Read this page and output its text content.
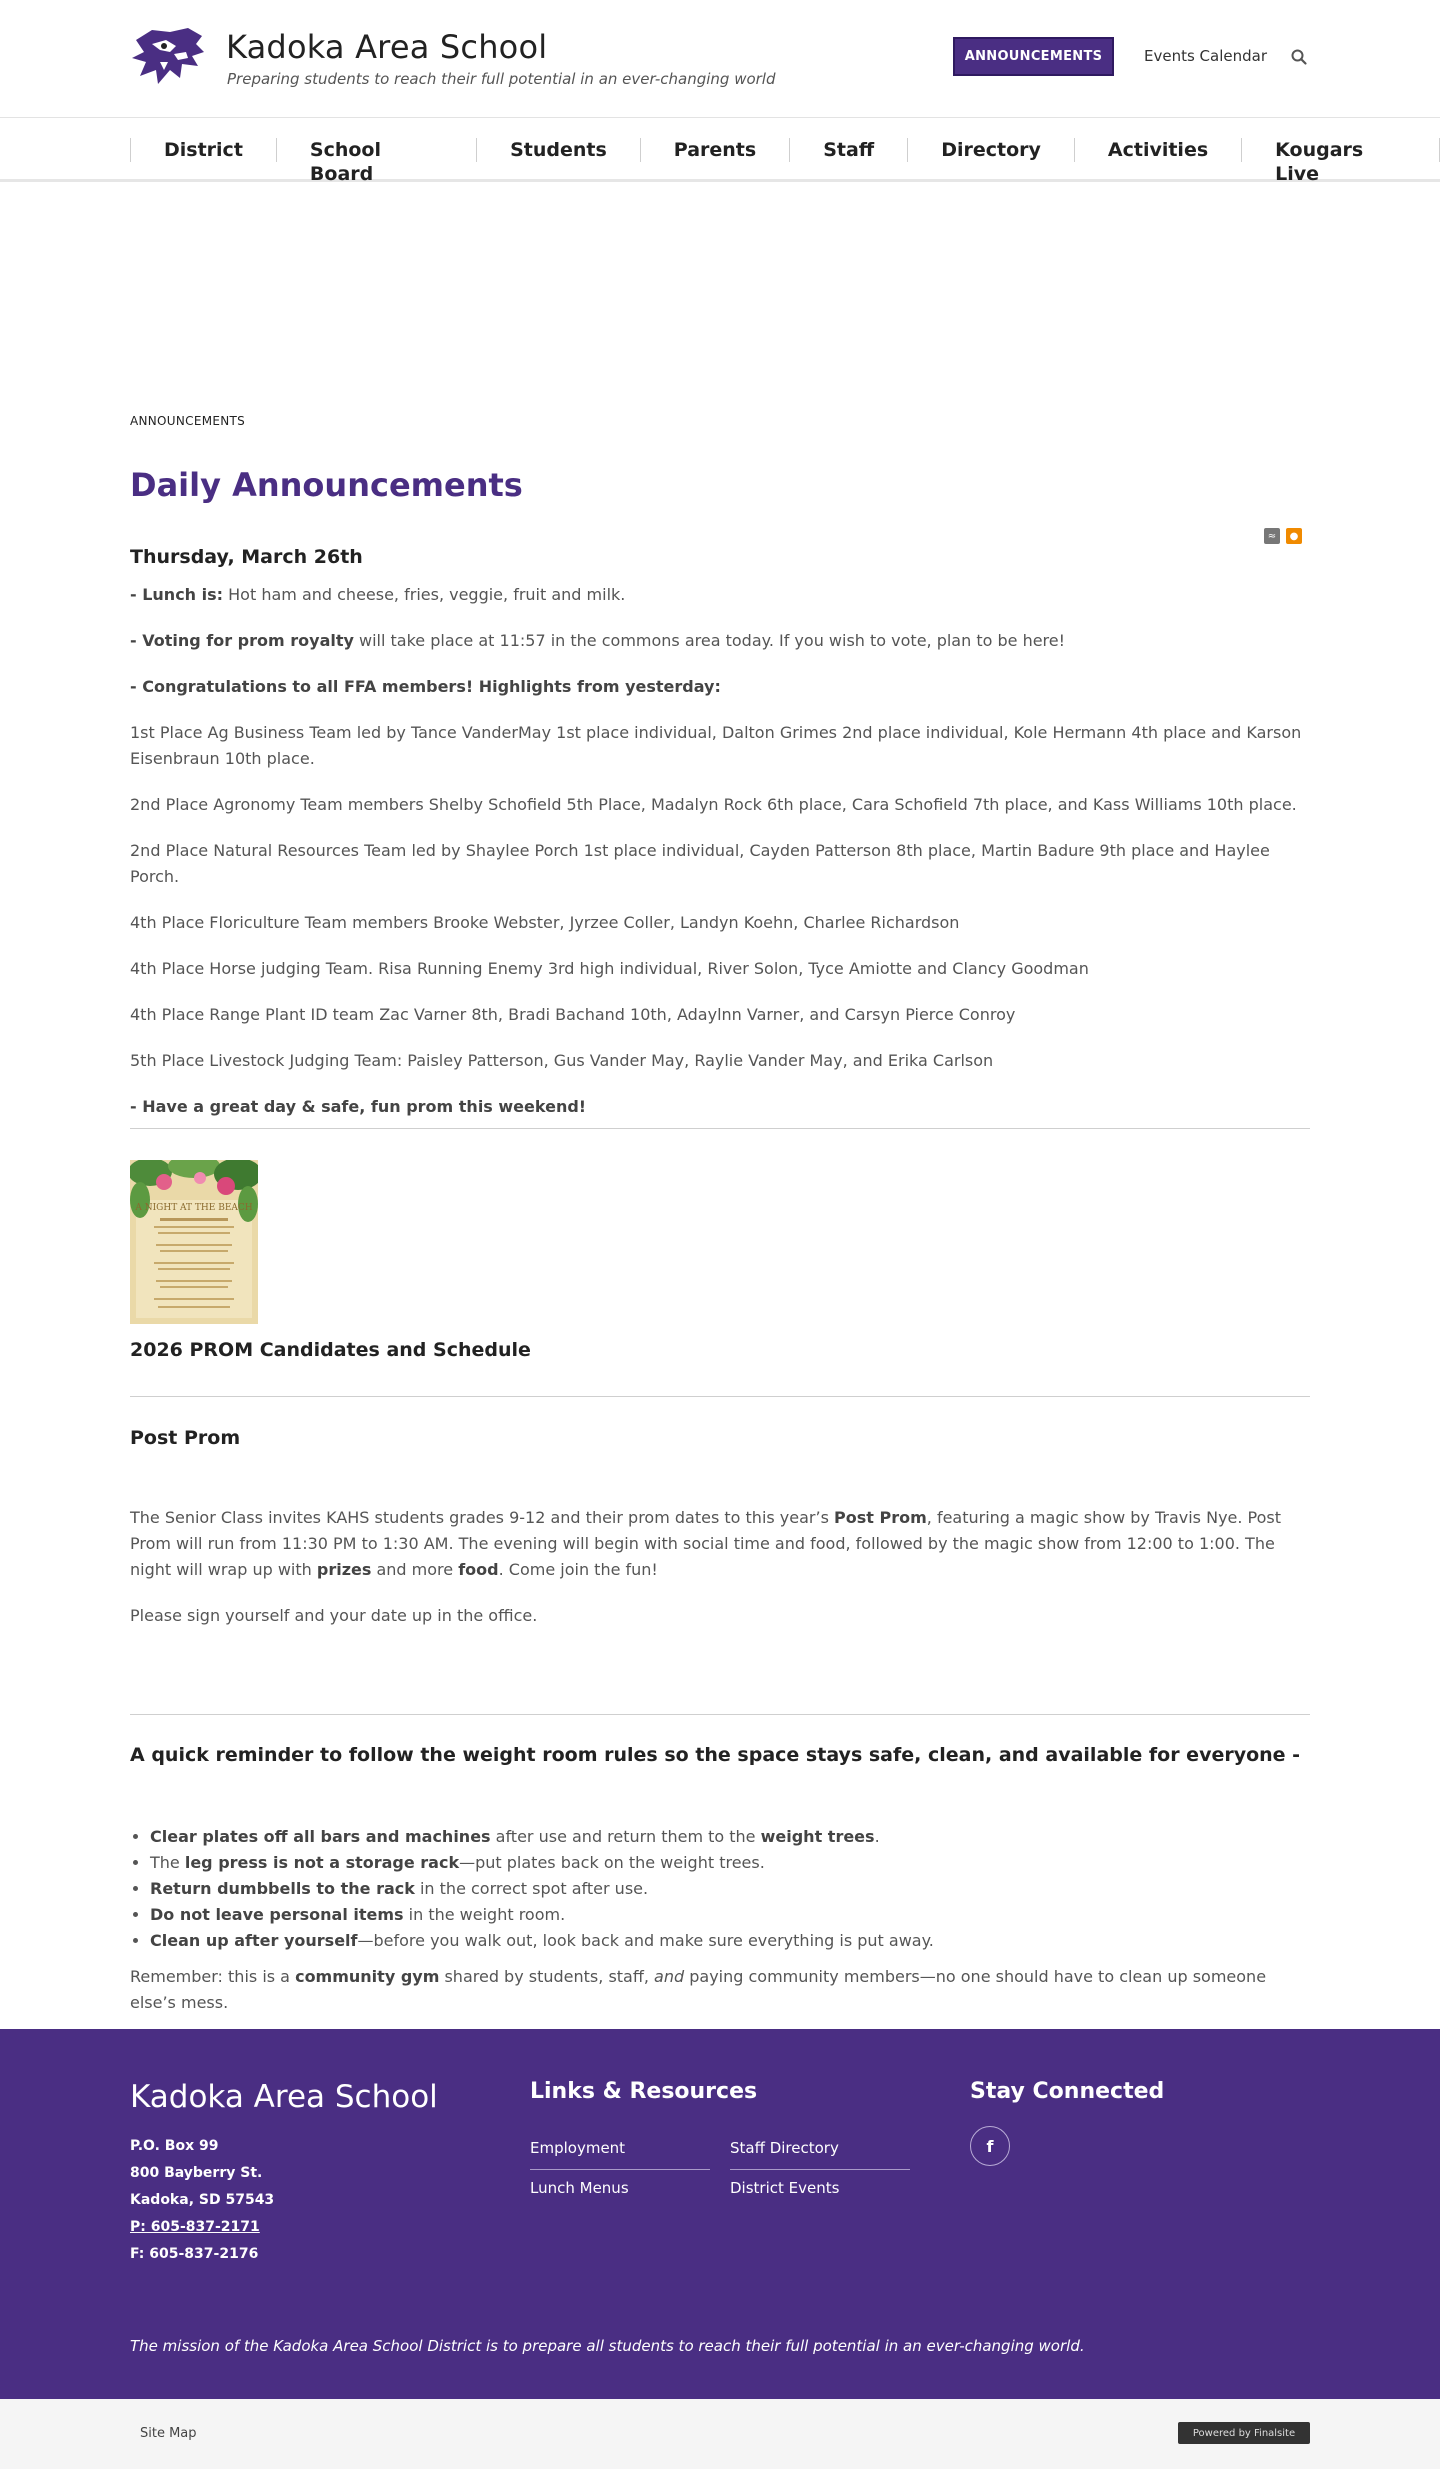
Kadoka Area School
Preparing students to reach their full potential in an ever-changing world
ANNOUNCEMENTS	Events Calendar
District	School Board
Students	Parents	Staff	Directory	Activities	Kougars Live
ANNOUNCEMENTS
Daily Announcements
≈	●
Thursday, March 26th

- Lunch is: Hot ham and cheese, fries, veggie, fruit and milk.

- Voting for prom royalty will take place at 11:57 in the commons area today. If you wish to vote, plan to be here!

- Congratulations to all FFA members! Highlights from yesterday:

1st Place Ag Business Team led by Tance VanderMay 1st place individual, Dalton Grimes 2nd place individual, Kole Hermann 4th place and Karson Eisenbraun 10th place.

2nd Place Agronomy Team members Shelby Schofield 5th Place, Madalyn Rock 6th place, Cara Schofield 7th place, and Kass Williams 10th place.

2nd Place Natural Resources Team led by Shaylee Porch 1st place individual, Cayden Patterson 8th place, Martin Badure 9th place and Haylee Porch.

4th Place Floriculture Team members Brooke Webster, Jyrzee Coller, Landyn Koehn, Charlee Richardson

4th Place Horse judging Team. Risa Running Enemy 3rd high individual, River Solon, Tyce Amiotte and Clancy Goodman

4th Place Range Plant ID team Zac Varner 8th, Bradi Bachand 10th, Adaylnn Varner, and Carsyn Pierce Conroy

5th Place Livestock Judging Team: Paisley Patterson, Gus Vander May, Raylie Vander May, and Erika Carlson

- Have a great day & safe, fun prom this weekend!

A NIGHT AT THE BEACH
2026 PROM Candidates and Schedule
Post Prom

The Senior Class invites KAHS students grades 9-12 and their prom dates to this year’s Post Prom, featuring a magic show by Travis Nye. Post Prom will run from 11:30 PM to 1:30 AM. The evening will begin with social time and food, followed by the magic show from 12:00 to 1:00. The night will wrap up with prizes and more food. Come join the fun!

Please sign yourself and your date up in the office.

A quick reminder to follow the weight room rules so the space stays safe, clean, and available for everyone -
• Clear plates off all bars and machines after use and return them to the weight trees.
• The leg press is not a storage rack—put plates back on the weight trees.
• Return dumbbells to the rack in the correct spot after use.
• Do not leave personal items in the weight room.
• Clean up after yourself—before you walk out, look back and make sure everything is put away.

Remember: this is a community gym shared by students, staff, and paying community members—no one should have to clean up someone else’s mess.

Kadoka Area School
P.O. Box 99
800 Bayberry St.
Kadoka, SD 57543
P: 605-837-2171
F: 605-837-2176
Links & Resources
Employment	Staff Directory
Lunch Menus	District Events
Stay Connected
f
The mission of the Kadoka Area School District is to prepare all students to reach their full potential in an ever-changing world.
Site Map	Powered by Finalsite
